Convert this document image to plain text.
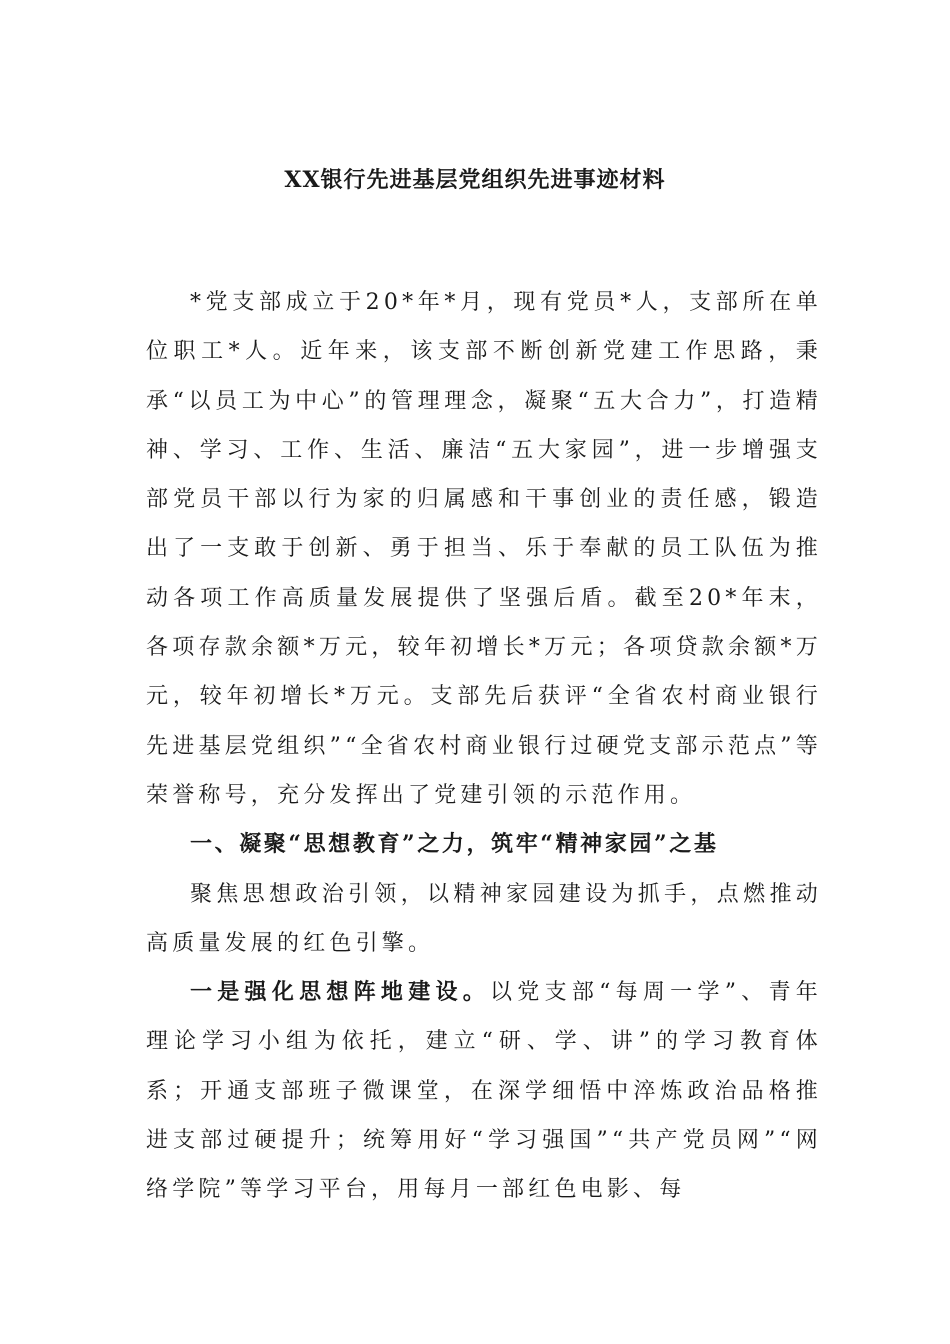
XX银行先进基层党组织先进事迹材料

*党支部成立于20*年*月，现有党员*人，支部所在单位职工*人。近年来，该支部不断创新党建工作思路，秉承“以员工为中心”的管理理念，凝聚“五大合力”，打造精神、学习、工作、生活、廉洁“五大家园”，进一步增强支部党员干部以行为家的归属感和干事创业的责任感，锻造出了一支敢于创新、勇于担当、乐于奉献的员工队伍为推动各项工作高质量发展提供了坚强后盾。截至20*年末，各项存款余额*万元，较年初增长*万元；各项贷款余额*万元，较年初增长*万元。支部先后获评“全省农村商业银行先进基层党组织”“全省农村商业银行过硬党支部示范点”等荣誉称号，充分发挥出了党建引领的示范作用。

一、凝聚“思想教育”之力，筑牢“精神家园”之基

聚焦思想政治引领，以精神家园建设为抓手，点燃推动高质量发展的红色引擎。

一是强化思想阵地建设。以党支部“每周一学”、青年理论学习小组为依托，建立“研、学、讲”的学习教育体系；开通支部班子微课堂，在深学细悟中淬炼政治品格推进支部过硬提升；统筹用好“学习强国”“共产党员网”“网络学院”等学习平台，用每月一部红色电影、每
